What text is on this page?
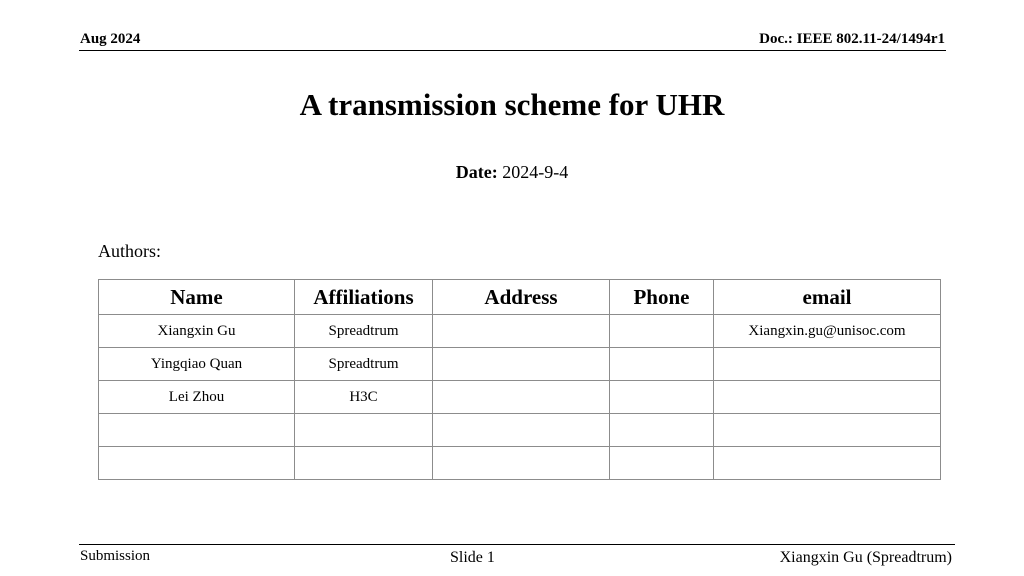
Aug 2024	Doc.: IEEE 802.11-24/1494r1
A transmission scheme for UHR
Date: 2024-9-4
Authors:
Name	Affiliations	Address	Phone	email
Xiangxin Gu	Spreadtrum			Xiangxin.gu@unisoc.com
Yingqiao Quan	Spreadtrum			
Lei Zhou	H3C			

Submission	Slide 1	Xiangxin Gu (Spreadtrum)
